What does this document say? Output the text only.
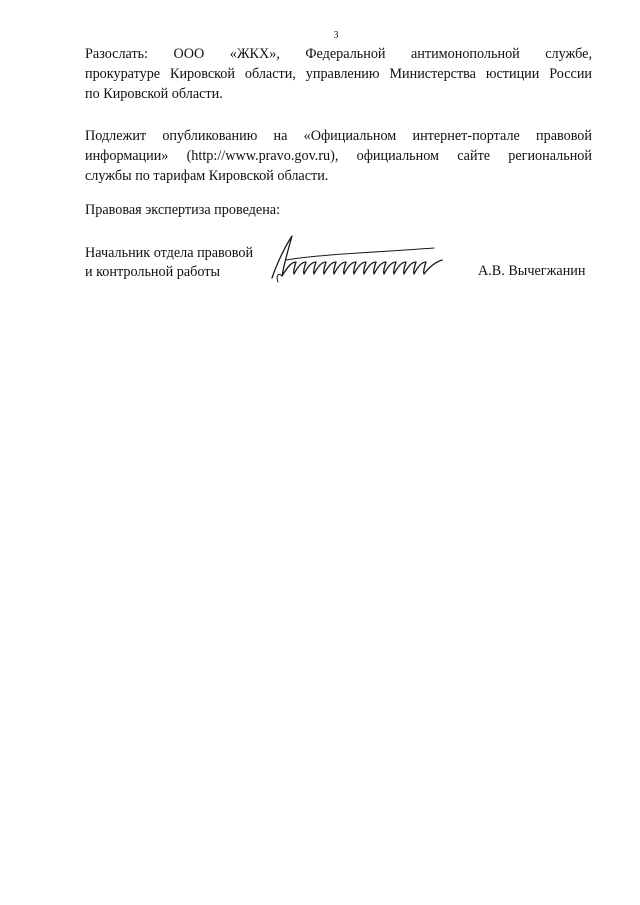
3
Разослать: ООО «ЖКХ», Федеральной антимонопольной службе,
прокуратуре Кировской области, управлению Министерства юстиции России
по Кировской области.
Подлежит опубликованию на «Официальном интернет-портале правовой
информации» (http://www.pravo.gov.ru), официальном сайте региональной
службы по тарифам Кировской области.

Правовая экспертиза проведена:

Начальник отдела правовой
и контрольной работы	А.В. Вычегжанин
